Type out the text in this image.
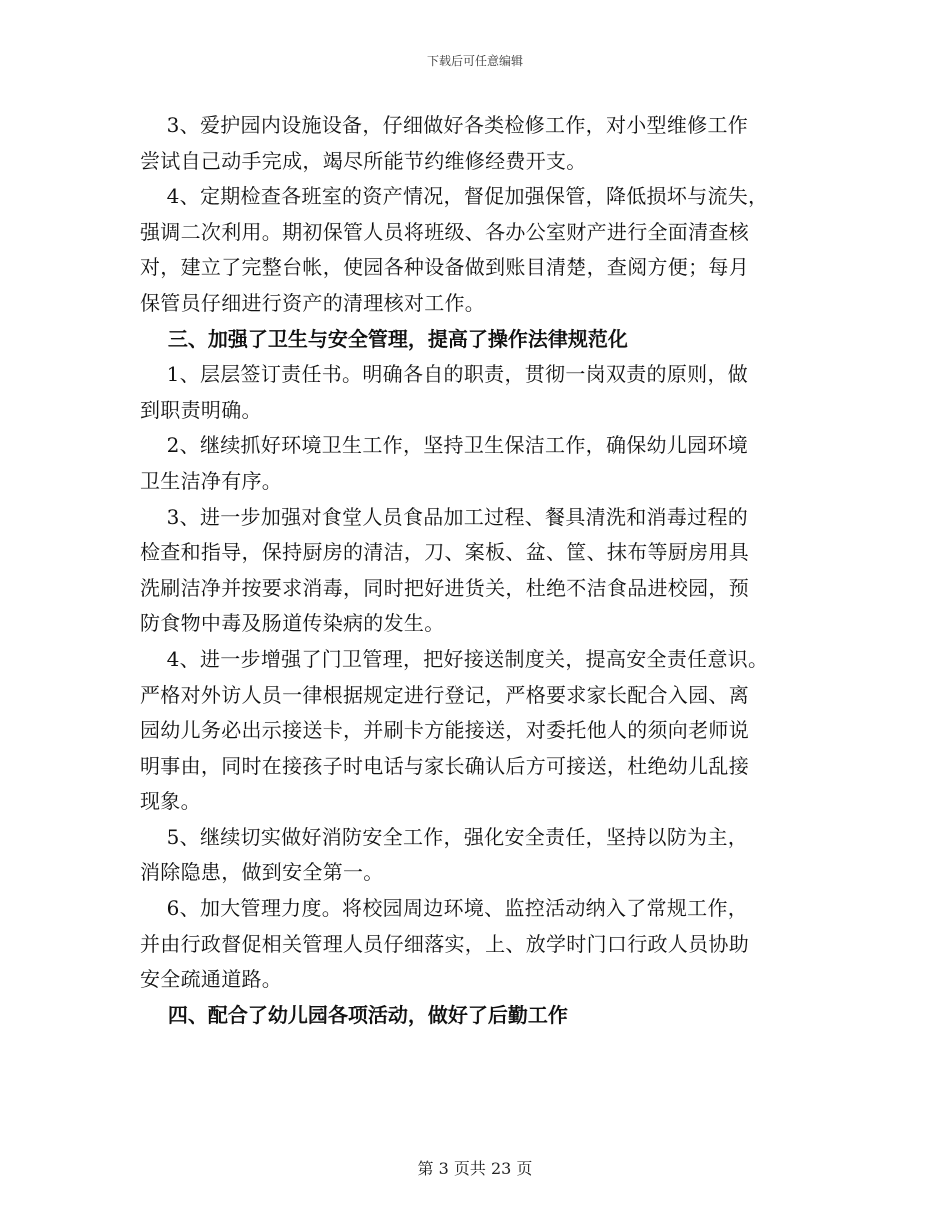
下载后可任意编辑

3、爱护园内设施设备，仔细做好各类检修工作，对小型维修工作

尝试自己动手完成，竭尽所能节约维修经费开支。

4、定期检查各班室的资产情况，督促加强保管，降低损坏与流失，

强调二次利用。期初保管人员将班级、各办公室财产进行全面清查核

对，建立了完整台帐，使园各种设备做到账目清楚，查阅方便；每月

保管员仔细进行资产的清理核对工作。

三、加强了卫生与安全管理，提高了操作法律规范化

1、层层签订责任书。明确各自的职责，贯彻一岗双责的原则，做

到职责明确。

2、继续抓好环境卫生工作，坚持卫生保洁工作，确保幼儿园环境

卫生洁净有序。

3、进一步加强对食堂人员食品加工过程、餐具清洗和消毒过程的

检查和指导，保持厨房的清洁，刀、案板、盆、筐、抹布等厨房用具

洗刷洁净并按要求消毒，同时把好进货关，杜绝不洁食品进校园，预

防食物中毒及肠道传染病的发生。

4、进一步增强了门卫管理，把好接送制度关，提高安全责任意识。

严格对外访人员一律根据规定进行登记，严格要求家长配合入园、离

园幼儿务必出示接送卡，并刷卡方能接送，对委托他人的须向老师说

明事由，同时在接孩子时电话与家长确认后方可接送，杜绝幼儿乱接

现象。

5、继续切实做好消防安全工作，强化安全责任，坚持以防为主，

消除隐患，做到安全第一。

6、加大管理力度。将校园周边环境、监控活动纳入了常规工作，

并由行政督促相关管理人员仔细落实，上、放学时门口行政人员协助

安全疏通道路。

四、配合了幼儿园各项活动，做好了后勤工作

第 3 页共 23 页
